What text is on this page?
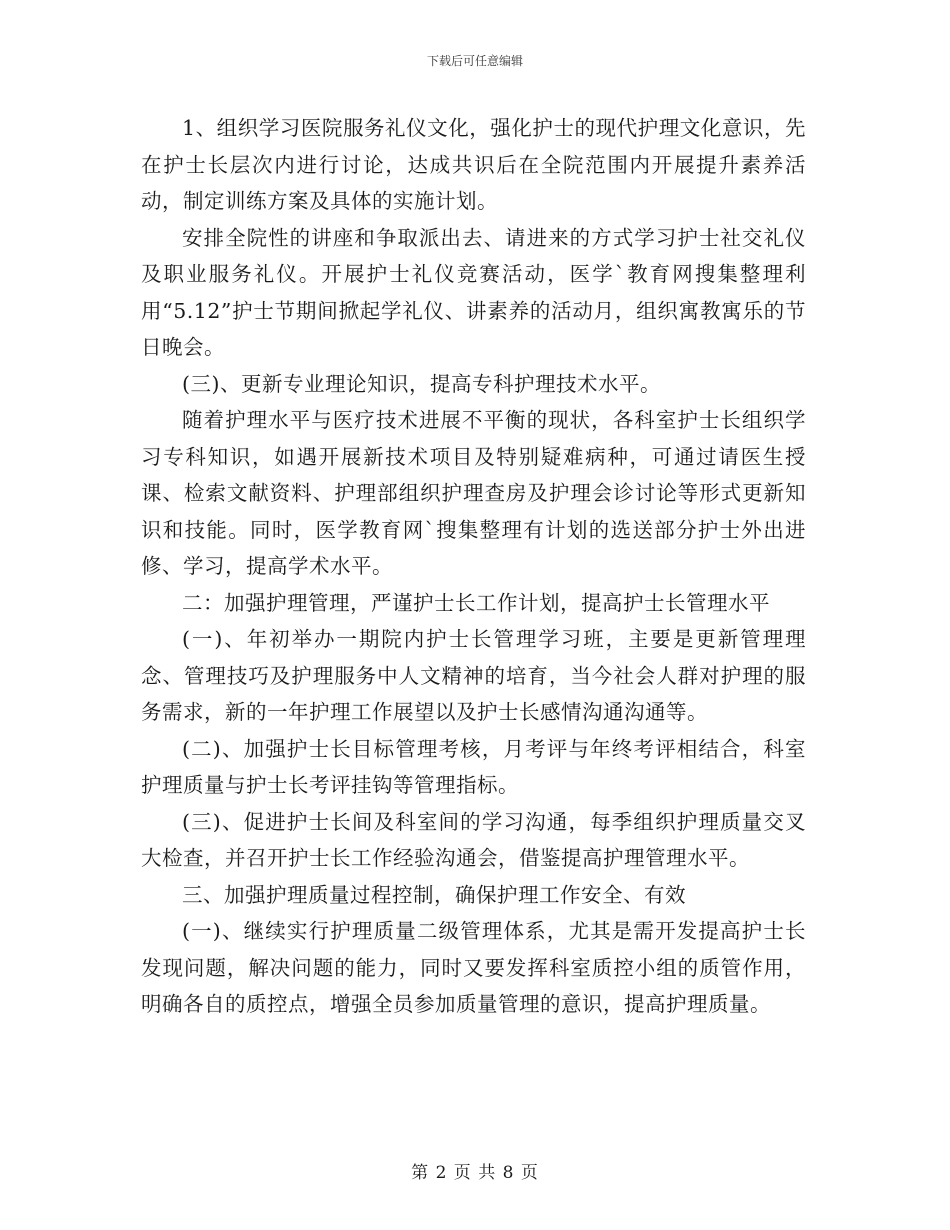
下载后可任意编辑

1、组织学习医院服务礼仪文化，强化护士的现代护理文化意识，先在护士长层次内进行讨论，达成共识后在全院范围内开展提升素养活动，制定训练方案及具体的实施计划。

安排全院性的讲座和争取派出去、请进来的方式学习护士社交礼仪及职业服务礼仪。开展护士礼仪竞赛活动，医学`教育网搜集整理利用“5.12”护士节期间掀起学礼仪、讲素养的活动月，组织寓教寓乐的节日晚会。

(三)、更新专业理论知识，提高专科护理技术水平。

随着护理水平与医疗技术进展不平衡的现状，各科室护士长组织学习专科知识，如遇开展新技术项目及特别疑难病种，可通过请医生授课、检索文献资料、护理部组织护理查房及护理会诊讨论等形式更新知识和技能。同时，医学教育网`搜集整理有计划的选送部分护士外出进修、学习，提高学术水平。

二：加强护理管理，严谨护士长工作计划，提高护士长管理水平

(一)、年初举办一期院内护士长管理学习班，主要是更新管理理念、管理技巧及护理服务中人文精神的培育，当今社会人群对护理的服务需求，新的一年护理工作展望以及护士长感情沟通沟通等。

(二)、加强护士长目标管理考核，月考评与年终考评相结合，科室护理质量与护士长考评挂钩等管理指标。

(三)、促进护士长间及科室间的学习沟通，每季组织护理质量交叉大检查，并召开护士长工作经验沟通会，借鉴提高护理管理水平。

三、加强护理质量过程控制，确保护理工作安全、有效

(一)、继续实行护理质量二级管理体系，尤其是需开发提高护士长发现问题，解决问题的能力，同时又要发挥科室质控小组的质管作用，明确各自的质控点，增强全员参加质量管理的意识，提高护理质量。

第 2 页 共 8 页
